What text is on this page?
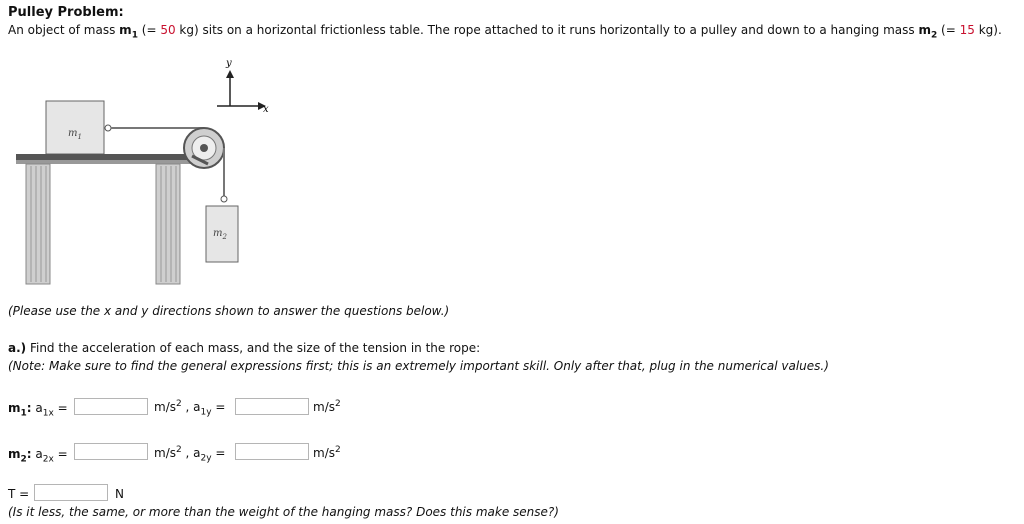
Pulley Problem:
An object of mass $m_1$ (= 50 kg) sits on a horizontal frictionless table. The rope attached to it runs horizontally to a pulley and down to a hanging mass $m_2$ (= 15 kg).
y
x
$m_1$
$m_2$
(Please use the x and y directions shown to answer the questions below.)
a.) Find the acceleration of each mass, and the size of the tension in the rope:
(Note: Make sure to find the general expressions first; this is an extremely important skill. Only after that, plug in the numerical values.)
$m_1$: $a_{1x}$ =	$m/s^2$ , $a_{1y}$ =	$m/s^2$
$m_2$: $a_{2x}$ =	$m/s^2$ , $a_{2y}$ =	$m/s^2$
T =	N
(Is it less, the same, or more than the weight of the hanging mass? Does this make sense?)
